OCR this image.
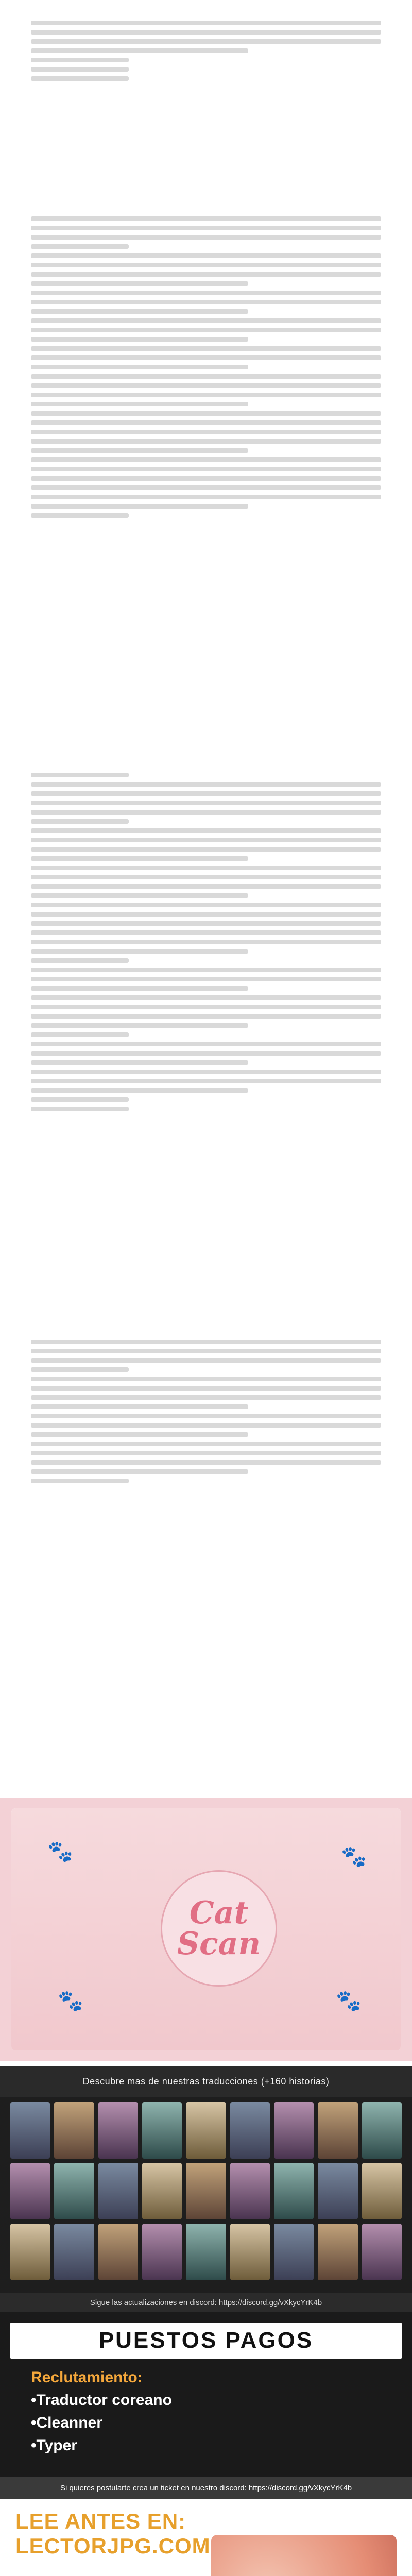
🐾	🐾
🐾	🐾
Cat
Scan
Descubre mas de nuestras traducciones (+160 historias)
Sigue las actualizaciones en discord: https://discord.gg/vXkycYrK4b
PUESTOS PAGOS
Reclutamiento:
•Traductor coreano
•Cleanner
•Typer
Si quieres postularte crea un ticket en nuestro discord: https://discord.gg/vXkycYrK4b
LEE ANTES EN:
LECTORJPG.COM
